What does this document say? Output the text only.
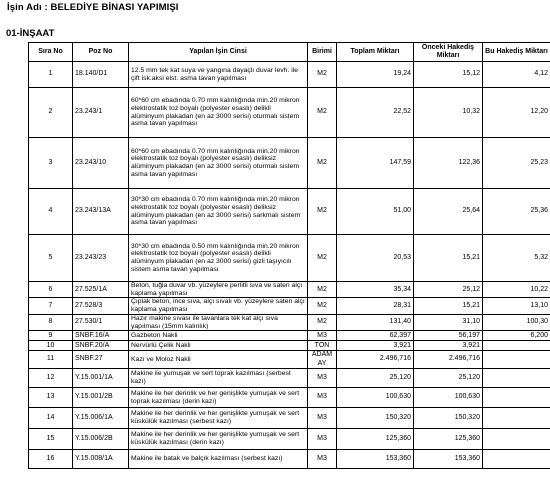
İşin Adı : BELEDİYE BİNASI YAPIMIŞI
01-İNŞAAT
Sıra No	Poz No	Yapılan İşin Cinsi	Birimi	Toplam Miktarı	Önceki Hakediş Miktarı	Bu Hakediş Miktarı
1	18.140/D1	12.5 mm tek kat suya ve yangına dayaçlı duvar levh. ile çift isk.aksi elst. asma tavan yapılması	M2	19,24	15,12	4,12
2	23.243/1	60*60 cm ebadında 0.70 mm kalınlığında min.20 mikron elektrostatik toz boyalı (polyester esaslı) delikli alüminyum plakadan (en az 3000 serisi) oturmalı sistem asma tavan yapılması	M2	22,52	10,32	12,20
3	23.243/10	60*60 cm ebadında 0.70 mm kalınlığında min.20 mikron elektrostatik toz boyalı (polyester esaslı) deliksiz alüminyum plakadan (en az 3000 serisi) oturmalı sistem asma tavan yapılması	M2	147,59	122,36	25,23
4	23.243/13A	30*30 cm ebadında 0.70 mm kalınlığında min.20 mikron elektrostatik toz boyalı (polyester esaslı) deliksiz alüminyum plakadan (en az 3000 serisi) sarkmalı sistem asma tavan yapılması	M2	51,00	25,64	25,36
5	23.243/23	30*30 cm ebadında 0.50 mm kalınlığında min.20 mikron elektrostatik toz boyalı (polyester esaslı) delikli alüminyum plakadan (en az 3000 serisi) gizli taşıyıcılı sistem asma tavan yapılması	M2	20,53	15,21	5,32
6	27.525/1A	Beton, tuğla duvar vb. yüzeylere perlitli sıva ve saten alçı kaplama yapılması	M2	35,34	25,12	10,22
7	27.528/3	Çıplak beton, ince sıva, alçı sıvalı vb. yüzeylere saten alçı kaplama yapılması	M2	28,31	15,21	13,10
8	27.530/1	Hazır makine sıvası ile tavanlara tek kat alçı sıva yapılması (15mm kalınlık)	M2	131,40	31,10	100,30
9	SNBF.16/A	Gazbeton Nakli	M3	62,397	56,197	6,200
10	SNBF.20/A	Nervürlü Çelik Nakli	TON	3,921	3,921	
11	SNBF.27	Kazı ve Moloz Nakli	ADAM AY	2.496,716	2.496,716	
12	Y.15.001/1A	Makine ile yumuşak ve sert toprak kazılması (serbest kazı)	M3	25,120	25,120	
13	Y.15.001/2B	Makine ile her derinlik ve her genişlikte yumuşak ve sert toprak kazılması (derin kazı)	M3	100,630	100,630	
14	Y.15.006/1A	Makine ile her derinlik ve her genişlikte yumuşak ve sert küskülük kazılması (serbest kazı)	M3	150,320	150,320	
15	Y.15.006/2B	Makine ile her derinlik ve her genişlikte yumuşak ve sert küskülük kazılması (derin kazı)	M3	125,360	125,360	
16	Y.15.008/1A	Makine ile batak ve balçık kazılması (serbest kazı)	M3	153,360	153,360	
